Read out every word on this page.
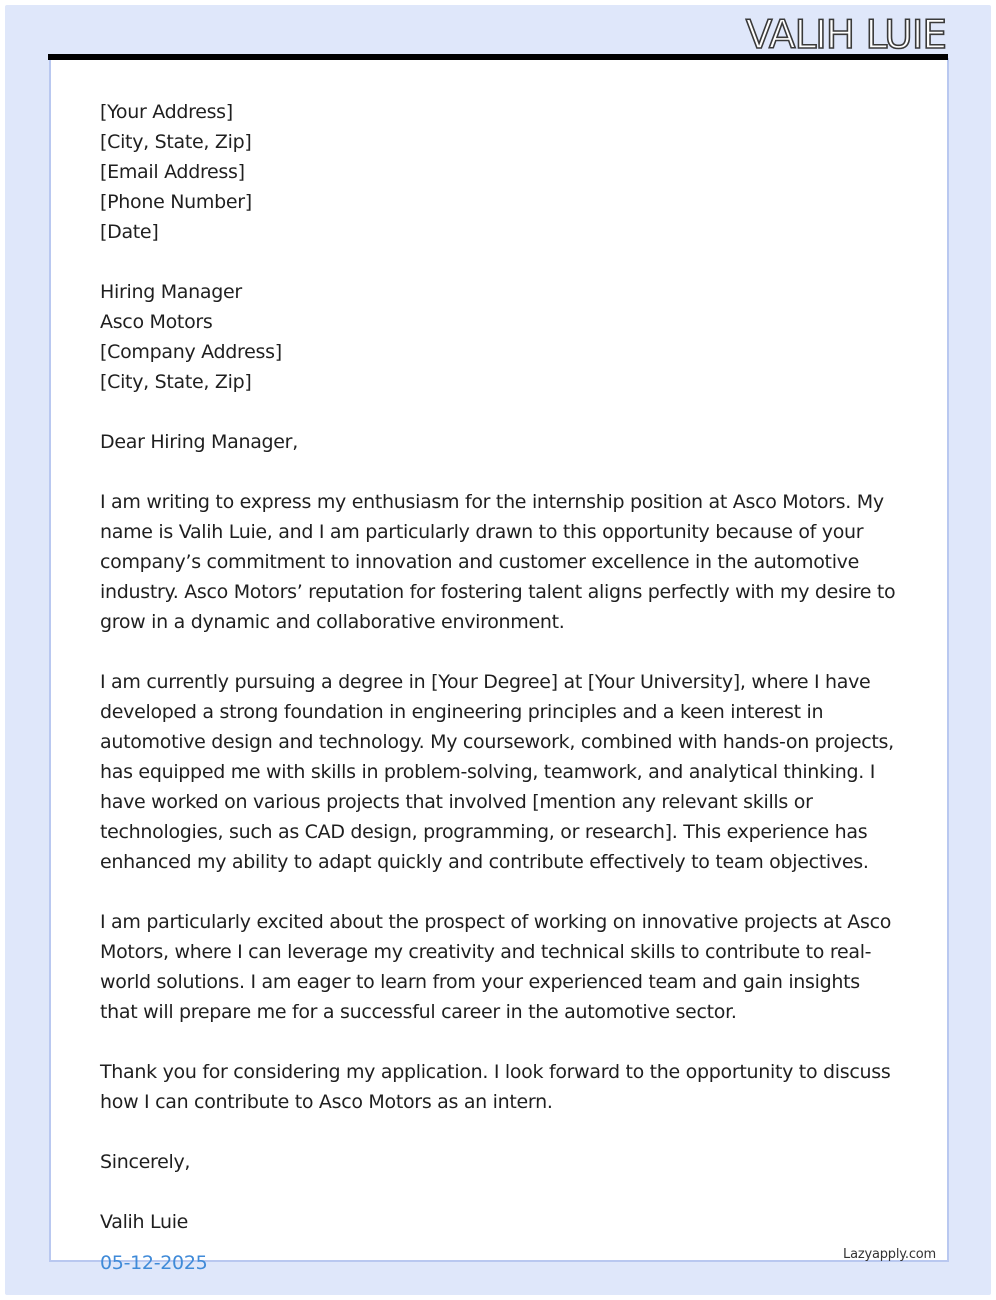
VALIH LUIE

[Your Address]

[City, State, Zip]

[Email Address]

[Phone Number]

[Date]

Hiring Manager

Asco Motors

[Company Address]

[City, State, Zip]

Dear Hiring Manager,

I am writing to express my enthusiasm for the internship position at Asco Motors. My name is Valih Luie, and I am particularly drawn to this opportunity because of your company’s commitment to innovation and customer excellence in the automotive industry. Asco Motors’ reputation for fostering talent aligns perfectly with my desire to grow in a dynamic and collaborative environment.

I am currently pursuing a degree in [Your Degree] at [Your University], where I have developed a strong foundation in engineering principles and a keen interest in automotive design and technology. My coursework, combined with hands-on projects, has equipped me with skills in problem-solving, teamwork, and analytical thinking. I have worked on various projects that involved [mention any relevant skills or technologies, such as CAD design, programming, or research]. This experience has enhanced my ability to adapt quickly and contribute effectively to team objectives.

I am particularly excited about the prospect of working on innovative projects at Asco Motors, where I can leverage my creativity and technical skills to contribute to real-world solutions. I am eager to learn from your experienced team and gain insights that will prepare me for a successful career in the automotive sector.

Thank you for considering my application. I look forward to the opportunity to discuss how I can contribute to Asco Motors as an intern.

Sincerely,

Valih Luie

05-12-2025	Lazyapply.com
